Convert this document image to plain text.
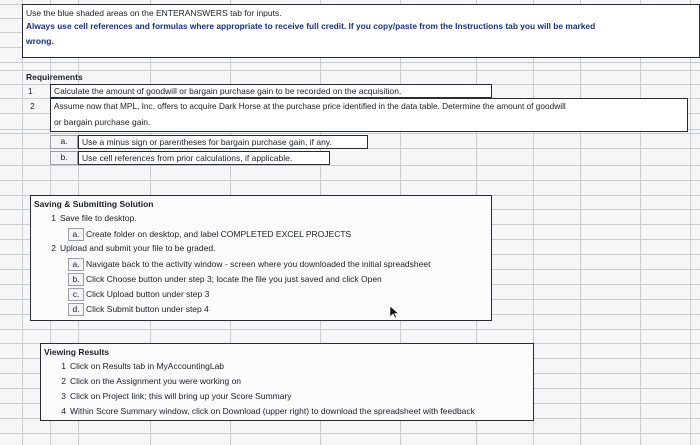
Use the blue shaded areas on the ENTERANSWERS tab for inputs.
Always use cell references and formulas where appropriate to receive full credit. If you copy/paste from the Instructions tab you will be marked
wrong.
Requirements
1	Calculate the amount of goodwill or bargain purchase gain to be recorded on the acquisition.
2 Assume now that MPL, Inc. offers to acquire Dark Horse at the purchase price identified in the data table. Determine the amount of goodwill
or bargain purchase gain.
a.	Use a minus sign or parentheses for bargain purchase gain, if any.
b.	Use cell references from prior calculations, if applicable.
Saving & Submitting Solution
1 Save file to desktop.
a. Create folder on desktop, and label COMPLETED EXCEL PROJECTS
2 Upload and submit your file to be graded.
a. Navigate back to the activity window - screen where you downloaded the initial spreadsheet
b. Click Choose button under step 3; locate the file you just saved and click Open
c. Click Upload button under step 3
d. Click Submit button under step 4
Viewing Results
1 Click on Results tab in MyAccountingLab
2 Click on the Assignment you were working on
3 Click on Project link; this will bring up your Score Summary
4 Within Score Summary window, click on Download (upper right) to download the spreadsheet with feedback
